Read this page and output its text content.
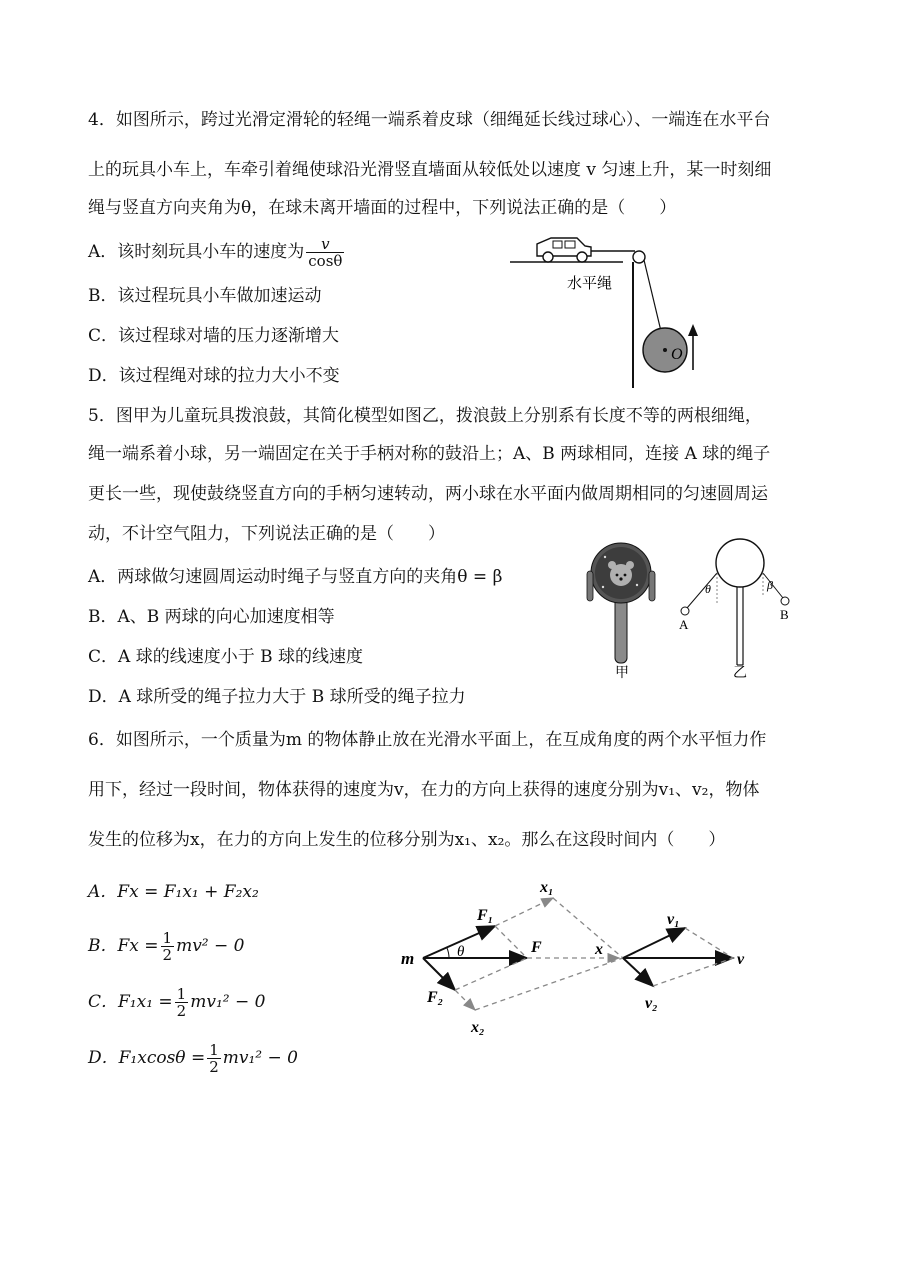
4．如图所示，跨过光滑定滑轮的轻绳一端系着皮球（细绳延长线过球心）、一端连在水平台
上的玩具小车上，车牵引着绳使球沿光滑竖直墙面从较低处以速度 v 匀速上升，某一时刻细
绳与竖直方向夹角为θ，在球未离开墙面的过程中，下列说法正确的是（　　）
A．该时刻玩具小车的速度为 $\frac{v}{\cos\theta}$
B．该过程玩具小车做加速运动
C．该过程球对墙的压力逐渐增大
D．该过程绳对球的拉力大小不变
O
水平绳
5．图甲为儿童玩具拨浪鼓，其简化模型如图乙，拨浪鼓上分别系有长度不等的两根细绳，
绳一端系着小球，另一端固定在关于手柄对称的鼓沿上；A、B 两球相同，连接 A 球的绳子
更长一些，现使鼓绕竖直方向的手柄匀速转动，两小球在水平面内做周期相同的匀速圆周运
动，不计空气阻力，下列说法正确的是（　　）
A．两球做匀速圆周运动时绳子与竖直方向的夹角θ = β
B．A、B 两球的向心加速度相等
C．A 球的线速度小于 B 球的线速度
D．A 球所受的绳子拉力大于 B 球所受的绳子拉力
甲
θ	β
A
B
乙
6．如图所示，一个质量为m 的物体静止放在光滑水平面上，在互成角度的两个水平恒力作
用下，经过一段时间，物体获得的速度为v，在力的方向上获得的速度分别为v₁、v₂，物体
发生的位移为x，在力的方向上发生的位移分别为x₁、x₂。那么在这段时间内（　　）
A．Fx = F₁x₁ + F₂x₂
B．$Fx = \frac{1}{2} mv^2 - 0$
C．$F_1x_1 = \frac{1}{2} mv_1^2 - 0$
D．$F_1xcos\theta = \frac{1}{2} mv_1^2 - 0$
m	θ
F₁
F
F₂
x₁
x₂
x
v₁
v
v₂
